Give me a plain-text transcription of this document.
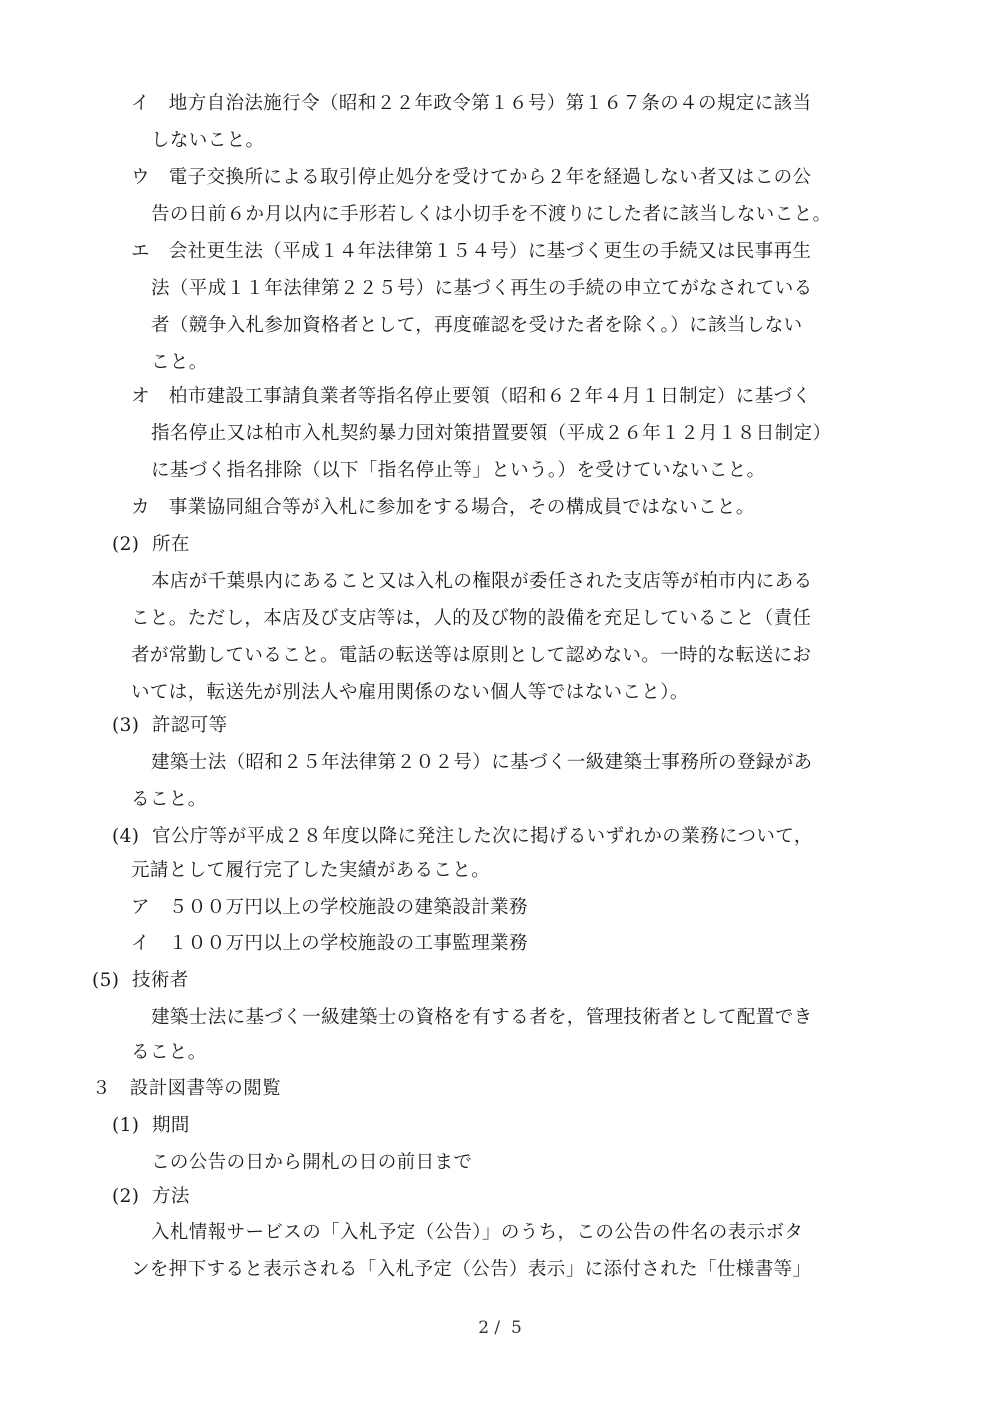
イ　地方自治法施行令（昭和２２年政令第１６号）第１６７条の４の規定に該当
しないこと。
ウ　電子交換所による取引停止処分を受けてから２年を経過しない者又はこの公
告の日前６か月以内に手形若しくは小切手を不渡りにした者に該当しないこと。
エ　会社更生法（平成１４年法律第１５４号）に基づく更生の手続又は民事再生
法（平成１１年法律第２２５号）に基づく再生の手続の申立てがなされている
者（競争入札参加資格者として，再度確認を受けた者を除く。）に該当しない
こと。
オ　柏市建設工事請負業者等指名停止要領（昭和６２年４月１日制定）に基づく
指名停止又は柏市入札契約暴力団対策措置要領（平成２６年１２月１８日制定）
に基づく指名排除（以下「指名停止等」という。）を受けていないこと。
カ　事業協同組合等が入札に参加をする場合，その構成員ではないこと。
(2)  所在
本店が千葉県内にあること又は入札の権限が委任された支店等が柏市内にある
こと。ただし，本店及び支店等は，人的及び物的設備を充足していること（責任
者が常勤していること。電話の転送等は原則として認めない。一時的な転送にお
いては，転送先が別法人や雇用関係のない個人等ではないこと）。
(3)  許認可等
建築士法（昭和２５年法律第２０２号）に基づく一級建築士事務所の登録があ
ること。
(4)  官公庁等が平成２８年度以降に発注した次に掲げるいずれかの業務について，
元請として履行完了した実績があること。
ア　５００万円以上の学校施設の建築設計業務
イ　１００万円以上の学校施設の工事監理業務
(5)  技術者
建築士法に基づく一級建築士の資格を有する者を，管理技術者として配置でき
ること。
３　設計図書等の閲覧
(1)  期間
この公告の日から開札の日の前日まで
(2)  方法
入札情報サービスの「入札予定（公告）」のうち，この公告の件名の表示ボタ
ンを押下すると表示される「入札予定（公告）表示」に添付された「仕様書等」
2 /  5
